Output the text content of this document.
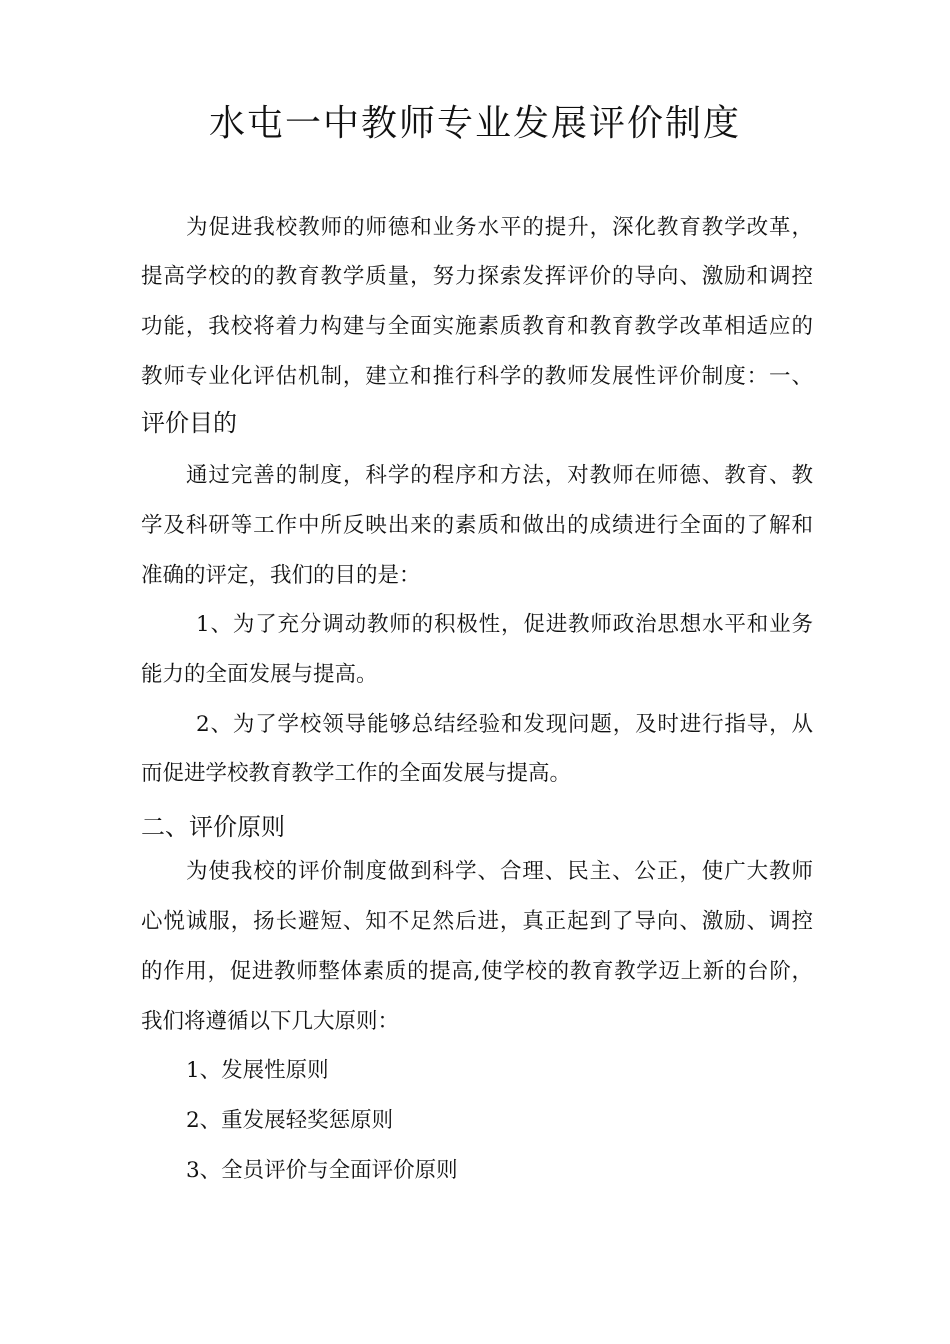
水屯一中教师专业发展评价制度
为促进我校教师的师德和业务水平的提升，深化教育教学改革，
提高学校的的教育教学质量，努力探索发挥评价的导向、激励和调控
功能，我校将着力构建与全面实施素质教育和教育教学改革相适应的
教师专业化评估机制，建立和推行科学的教师发展性评价制度：一、
评价目的
通过完善的制度，科学的程序和方法，对教师在师德、教育、教
学及科研等工作中所反映出来的素质和做出的成绩进行全面的了解和
准确的评定，我们的目的是：
1、为了充分调动教师的积极性，促进教师政治思想水平和业务
能力的全面发展与提高。
2、为了学校领导能够总结经验和发现问题，及时进行指导，从
而促进学校教育教学工作的全面发展与提高。
二、评价原则
为使我校的评价制度做到科学、合理、民主、公正，使广大教师
心悦诚服，扬长避短、知不足然后进，真正起到了导向、激励、调控
的作用，促进教师整体素质的提高,使学校的教育教学迈上新的台阶，
我们将遵循以下几大原则：
1、发展性原则
2、重发展轻奖惩原则
3、全员评价与全面评价原则
